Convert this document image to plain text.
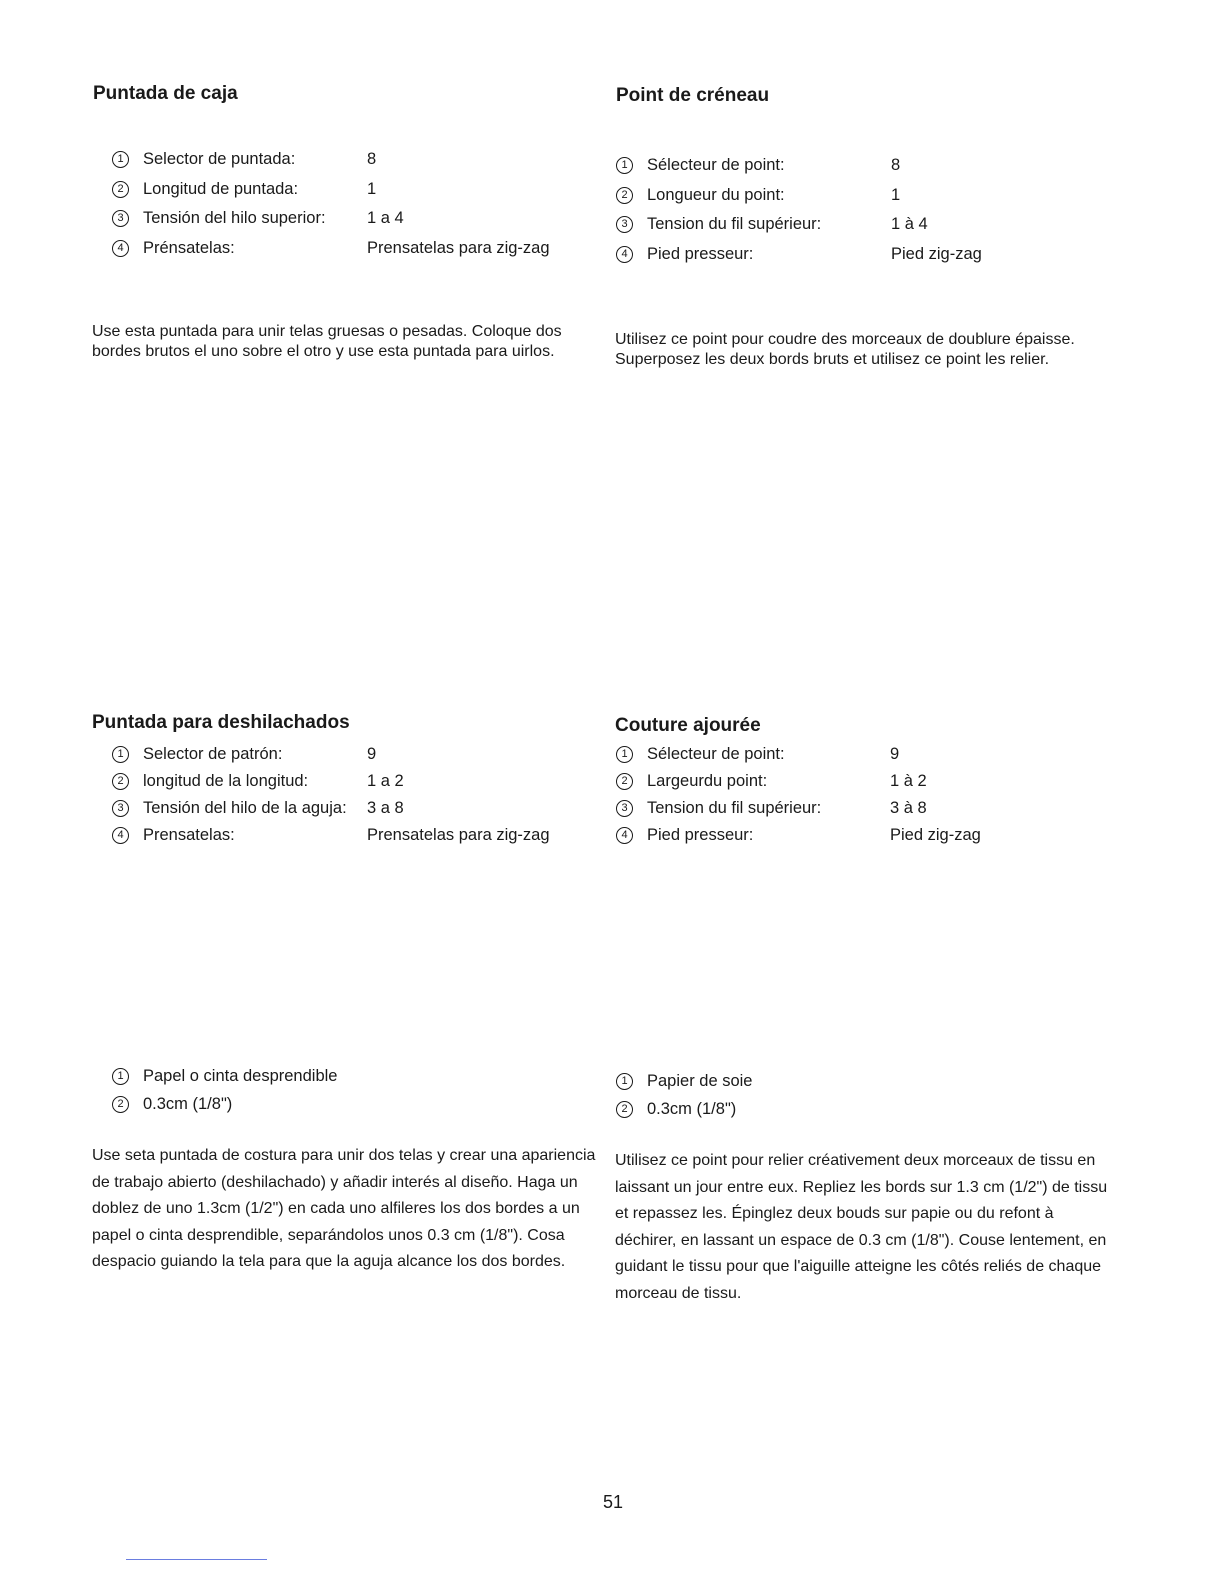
Puntada de caja
1	Selector de puntada:	8
2	Longitud de puntada:	1
3	Tensión del hilo superior:	1 a 4
4	Prénsatelas:	Prensatelas para zig-zag

Use esta puntada para unir telas gruesas o pesadas. Coloque dos bordes brutos el uno sobre el otro y use esta puntada para uirlos.

Point de créneau
1	Sélecteur de point:	8
2	Longueur du point:	1
3	Tension du fil supérieur:	1 à 4
4	Pied presseur:	Pied zig-zag

Utilisez ce point pour coudre des morceaux de doublure épaisse. Superposez les deux bords bruts et utilisez ce point les relier.

Puntada para deshilachados
1	Selector de patrón:	9
2	longitud de la longitud:	1 a 2
3	Tensión del hilo de la aguja:	3 a 8
4	Prensatelas:	Prensatelas para zig-zag
1	Papel o cinta desprendible
2	0.3cm (1/8")

Use seta puntada de costura para unir dos telas y crear una apariencia de trabajo abierto (deshilachado) y añadir interés al diseño. Haga un doblez de uno 1.3cm (1/2") en cada uno alfileres los dos bordes a un papel o cinta desprendible, separándolos unos 0.3 cm (1/8"). Cosa despacio guiando la tela para que la aguja alcance los dos bordes.

Couture ajourée
1	Sélecteur de point:	9
2	Largeurdu point:	1 à 2
3	Tension du fil supérieur:	3 à 8
4	Pied presseur:	Pied zig-zag
1	Papier de soie
2	0.3cm (1/8")

Utilisez ce point pour relier créativement deux morceaux de tissu en laissant un jour entre eux. Repliez les bords sur 1.3 cm (1/2") de tissu et repassez les. Épinglez deux bouds sur papie ou du refont à déchirer, en lassant un espace de 0.3 cm (1/8"). Couse lentement, en guidant le tissu pour que l'aiguille atteigne les côtés reliés de chaque morceau de tissu.

51
